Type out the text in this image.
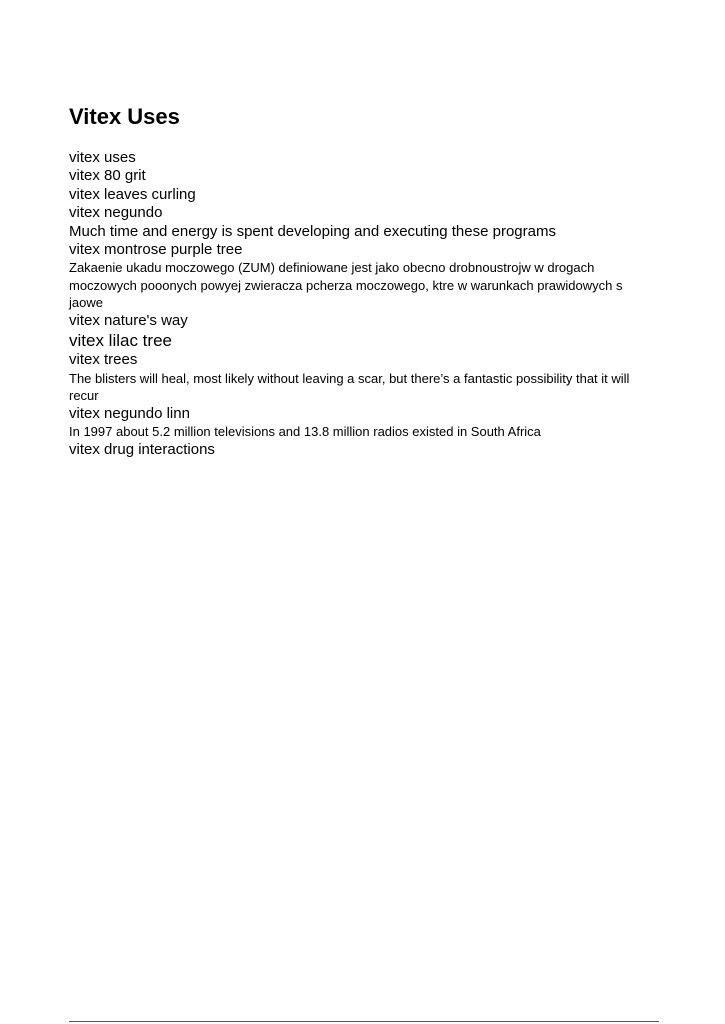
Vitex Uses
vitex uses
vitex 80 grit
vitex leaves curling
vitex negundo
Much time and energy is spent developing and executing these programs
vitex montrose purple tree
Zakaenie ukadu moczowego (ZUM) definiowane jest jako obecno drobnoustrojw w drogach moczowych pooonych powyej zwieracza pcherza moczowego, ktre w warunkach prawidowych s jaowe
vitex nature's way
vitex lilac tree
vitex trees
The blisters will heal, most likely without leaving a scar, but there’s a fantastic possibility that it will recur
vitex negundo linn
In 1997 about 5.2 million televisions and 13.8 million radios existed in South Africa
vitex drug interactions
